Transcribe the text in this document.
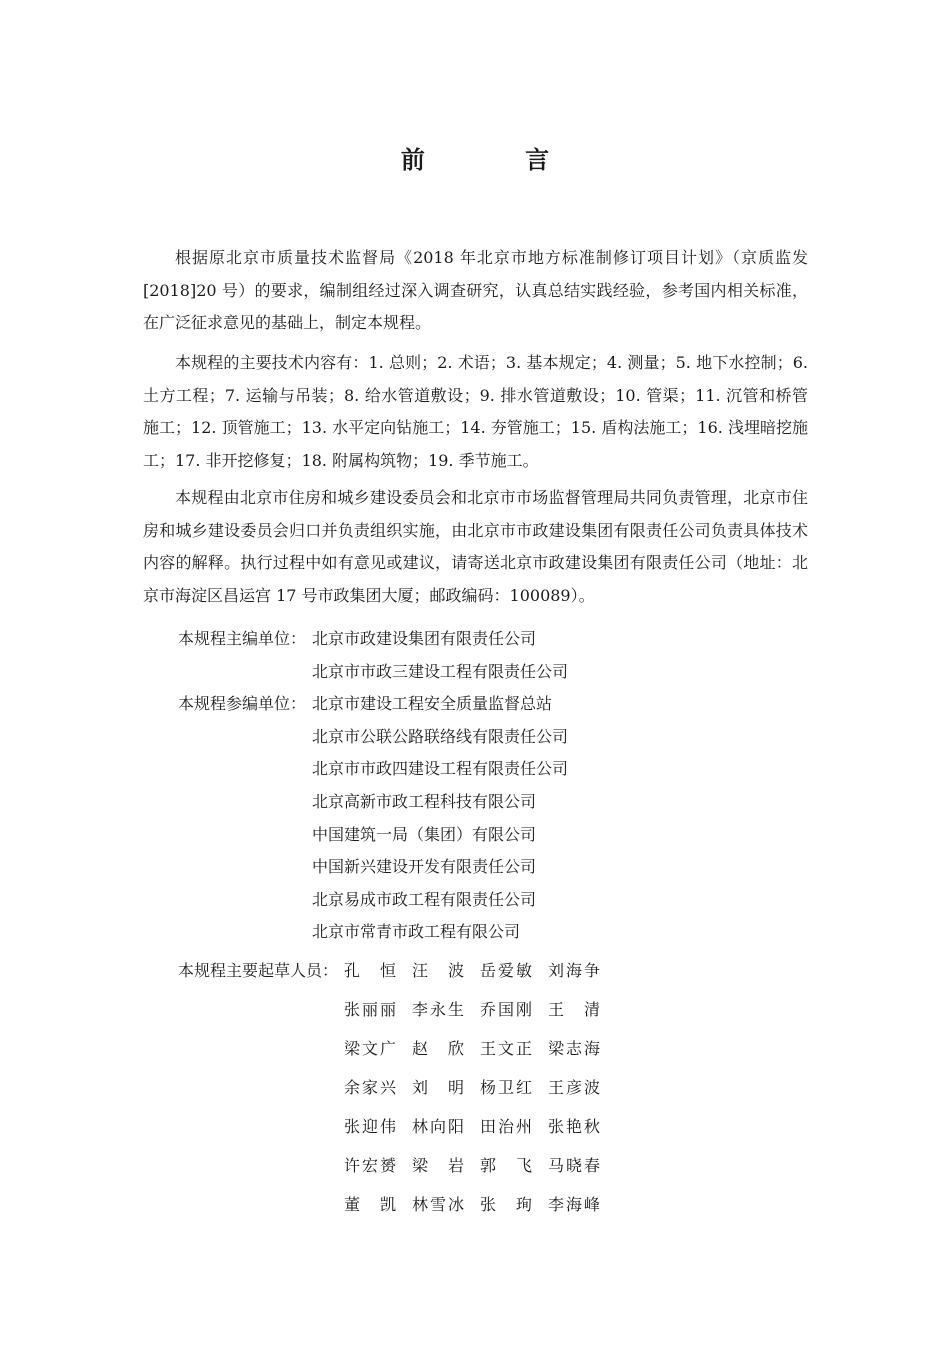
前 言

根据原北京市质量技术监督局《2018 年北京市地方标准制修订项目计划》（京质监发[2018]20 号）的要求，编制组经过深入调查研究，认真总结实践经验，参考国内相关标准，在广泛征求意见的基础上，制定本规程。

本规程的主要技术内容有：1. 总则；2. 术语；3. 基本规定；4. 测量；5. 地下水控制；6. 土方工程；7. 运输与吊装；8. 给水管道敷设；9. 排水管道敷设；10. 管渠；11. 沉管和桥管施工；12. 顶管施工；13. 水平定向钻施工；14. 夯管施工；15. 盾构法施工；16. 浅埋暗挖施工；17. 非开挖修复；18. 附属构筑物；19. 季节施工。

本规程由北京市住房和城乡建设委员会和北京市市场监督管理局共同负责管理，北京市住房和城乡建设委员会归口并负责组织实施，由北京市市政建设集团有限责任公司负责具体技术内容的解释。执行过程中如有意见或建议，请寄送北京市政建设集团有限责任公司（地址：北京市海淀区昌运宫 17 号市政集团大厦；邮政编码：100089）。

本规程主编单位： 北京市政建设集团有限责任公司
北京市市政三建设工程有限责任公司
本规程参编单位： 北京市建设工程安全质量监督总站
北京市公联公路联络线有限责任公司
北京市市政四建设工程有限责任公司
北京高新市政工程科技有限公司
中国建筑一局（集团）有限公司
中国新兴建设开发有限责任公司
北京易成市政工程有限责任公司
北京市常青市政工程有限公司
本规程主要起草人员： 孔　恒 汪　波 岳爱敏 刘海争
张丽丽 李永生 乔国刚 王　清
梁文广 赵　欣 王文正 梁志海
余家兴 刘　明 杨卫红 王彦波
张迎伟 林向阳 田治州 张艳秋
许宏赟 梁　岩 郭　飞 马晓春
董　凯 林雪冰 张　珣 李海峰
